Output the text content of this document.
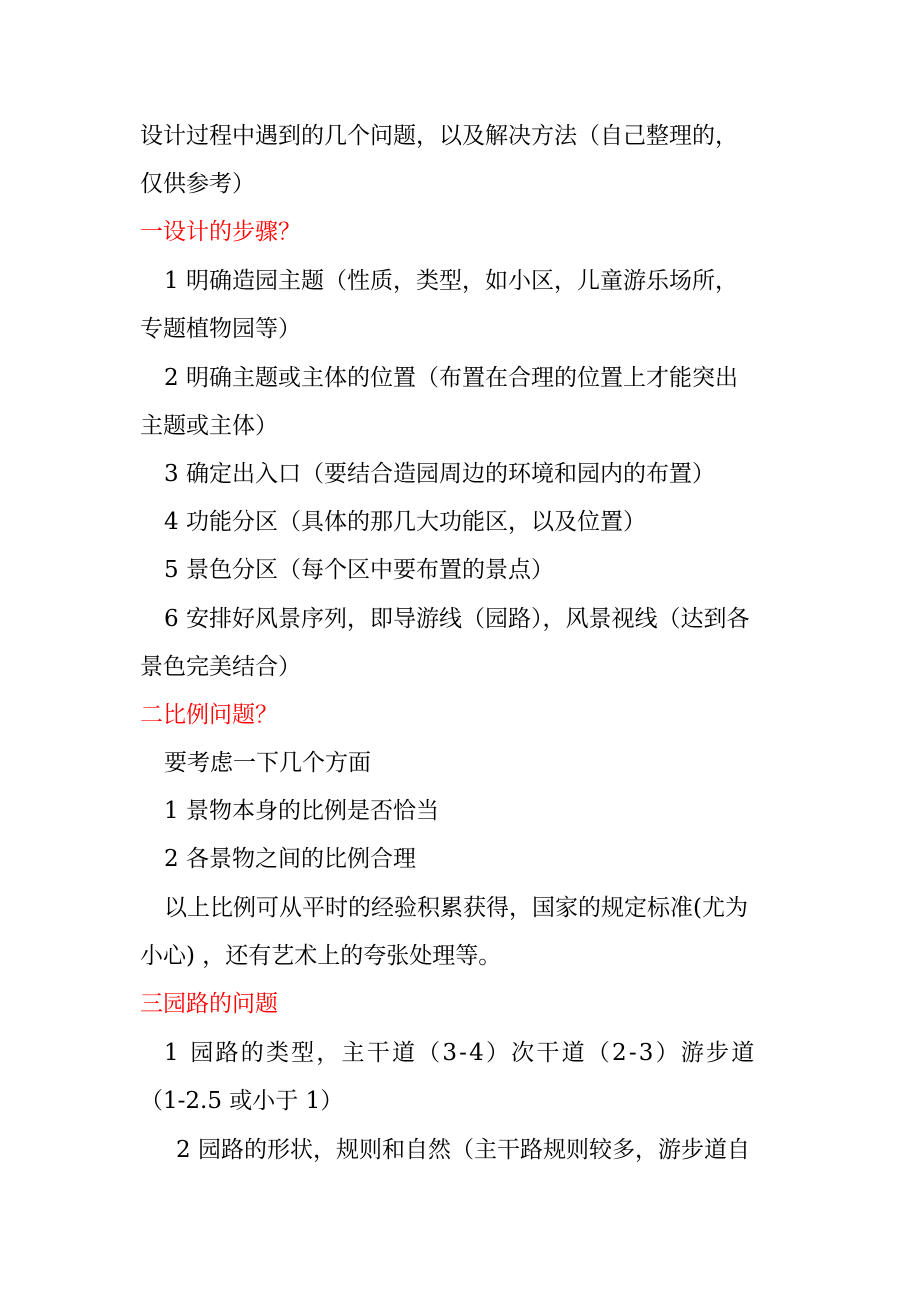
设计过程中遇到的几个问题，以及解决方法（自己整理的，
仅供参考）
一设计的步骤？
1 明确造园主题（性质，类型，如小区，儿童游乐场所，
专题植物园等）
2 明确主题或主体的位置（布置在合理的位置上才能突出
主题或主体）
3 确定出入口（要结合造园周边的环境和园内的布置）
4 功能分区（具体的那几大功能区，以及位置）
5 景色分区（每个区中要布置的景点）
6 安排好风景序列，即导游线（园路），风景视线（达到各
景色完美结合）
二比例问题？
要考虑一下几个方面
1 景物本身的比例是否恰当
2 各景物之间的比例合理
以上比例可从平时的经验积累获得，国家的规定标准(尤为
小心) ，还有艺术上的夸张处理等。
三园路的问题
1 园路的类型，主干道（3-4）次干道（2-3）游步道
（1-2.5 或小于 1）
2 园路的形状，规则和自然（主干路规则较多，游步道自
